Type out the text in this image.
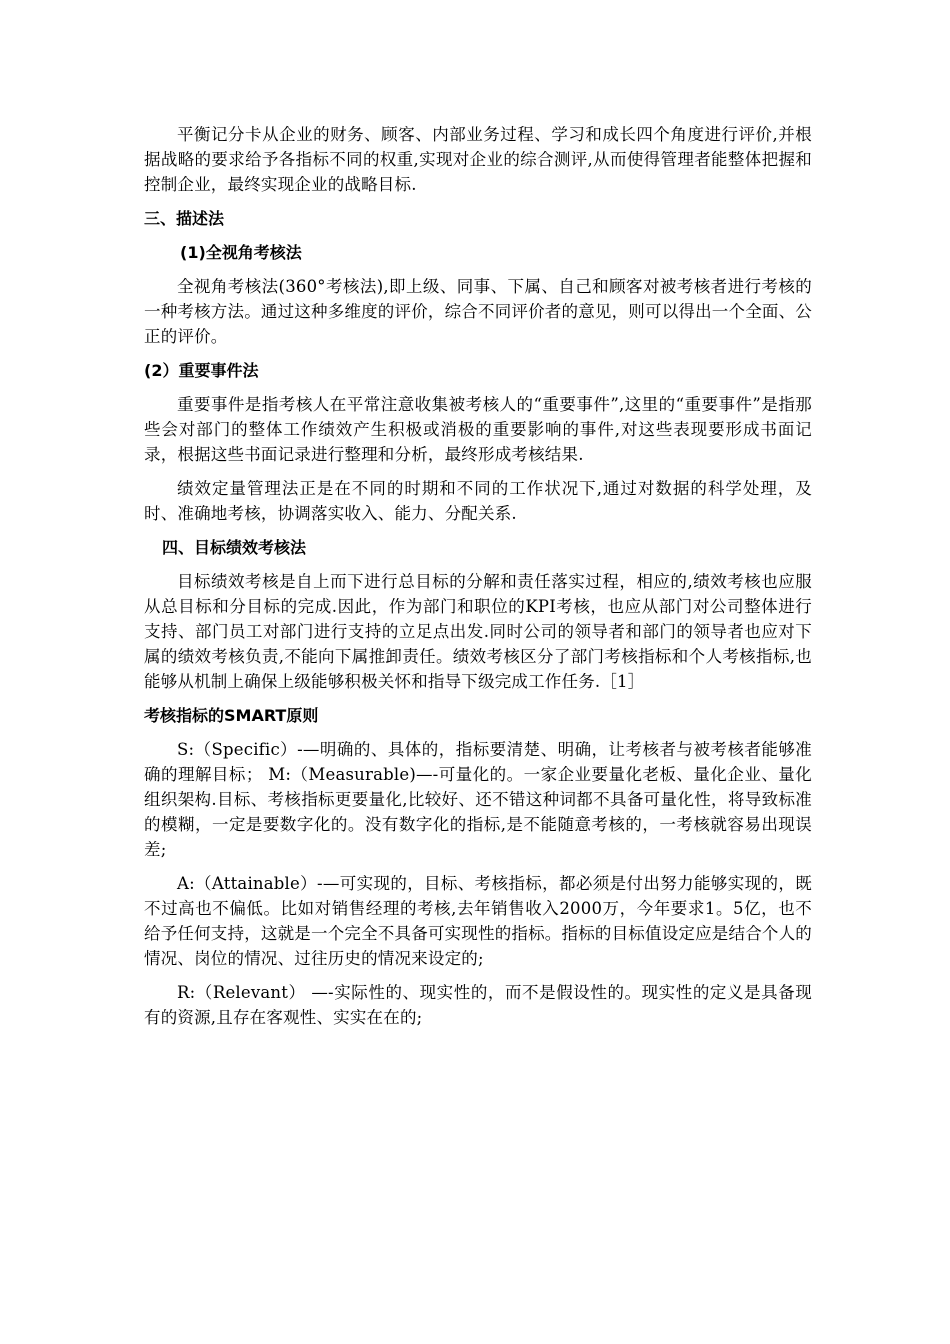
平衡记分卡从企业的财务、顾客、内部业务过程、学习和成长四个角度进行评价,并根据战略的要求给予各指标不同的权重,实现对企业的综合测评,从而使得管理者能整体把握和控制企业，最终实现企业的战略目标.

三、描述法
(1)全视角考核法

全视角考核法(360°考核法),即上级、同事、下属、自己和顾客对被考核者进行考核的一种考核方法。通过这种多维度的评价，综合不同评价者的意见，则可以得出一个全面、公正的评价。

(2）重要事件法

重要事件是指考核人在平常注意收集被考核人的“重要事件”,这里的“重要事件”是指那些会对部门的整体工作绩效产生积极或消极的重要影响的事件,对这些表现要形成书面记录，根据这些书面记录进行整理和分析，最终形成考核结果.

绩效定量管理法正是在不同的时期和不同的工作状况下,通过对数据的科学处理，及时、准确地考核，协调落实收入、能力、分配关系.

四、目标绩效考核法

目标绩效考核是自上而下进行总目标的分解和责任落实过程，相应的,绩效考核也应服从总目标和分目标的完成.因此，作为部门和职位的KPI考核，也应从部门对公司整体进行支持、部门员工对部门进行支持的立足点出发.同时公司的领导者和部门的领导者也应对下属的绩效考核负责,不能向下属推卸责任。绩效考核区分了部门考核指标和个人考核指标,也能够从机制上确保上级能够积极关怀和指导下级完成工作任务.［1］

考核指标的SMART原则

S:（Specific）-—明确的、具体的，指标要清楚、明确，让考核者与被考核者能够准确的理解目标； M:（Measurable)—-可量化的。一家企业要量化老板、量化企业、量化组织架构.目标、考核指标更要量化,比较好、还不错这种词都不具备可量化性，将导致标准的模糊，一定是要数字化的。没有数字化的指标,是不能随意考核的，一考核就容易出现误差;

A:（Attainable）-—可实现的，目标、考核指标，都必须是付出努力能够实现的，既不过高也不偏低。比如对销售经理的考核,去年销售收入2000万，今年要求1。5亿，也不给予任何支持，这就是一个完全不具备可实现性的指标。指标的目标值设定应是结合个人的情况、岗位的情况、过往历史的情况来设定的;

R:（Relevant） —-实际性的、现实性的，而不是假设性的。现实性的定义是具备现有的资源,且存在客观性、实实在在的;
